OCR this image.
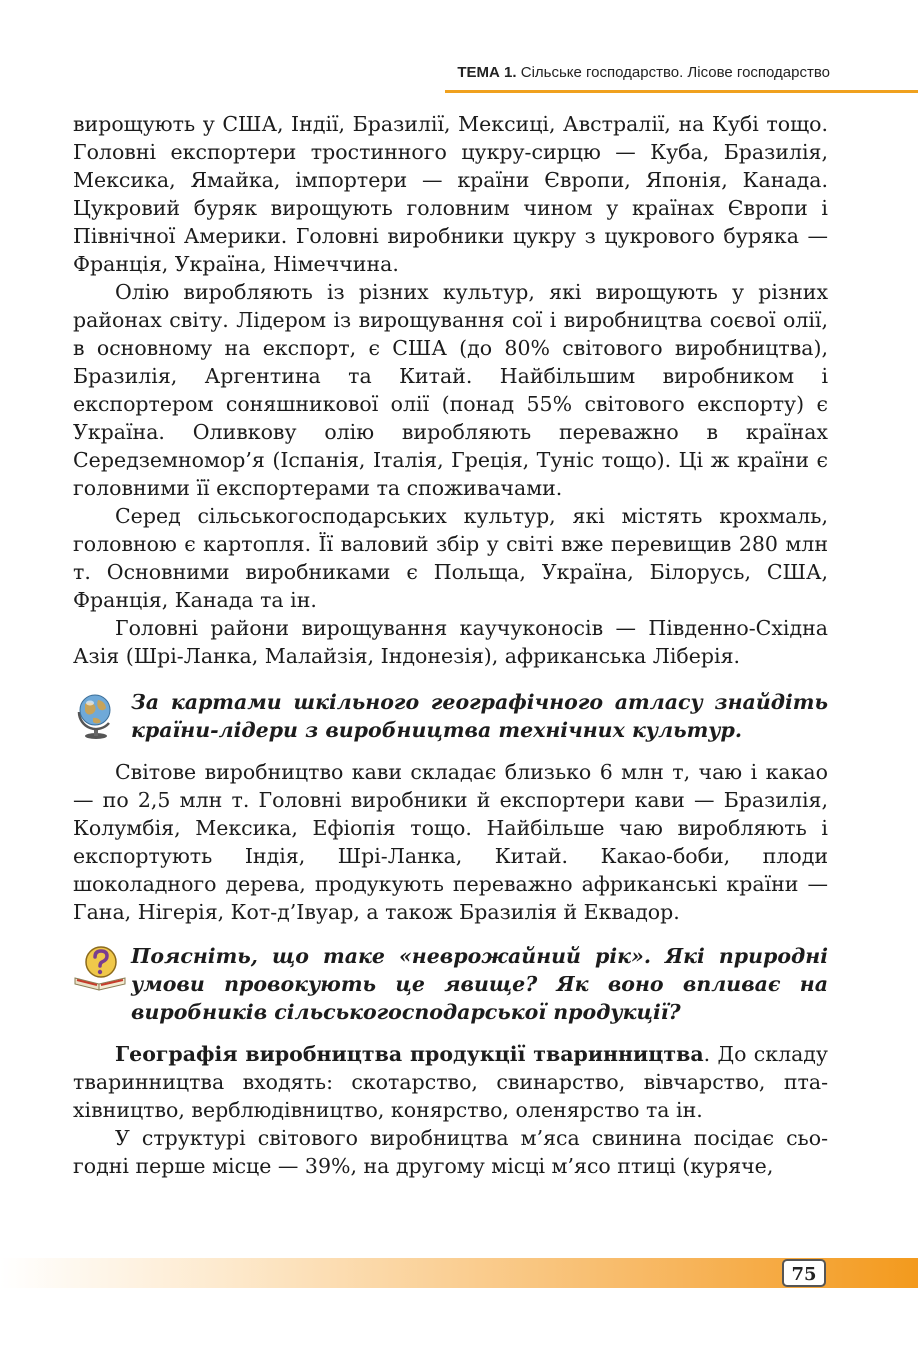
ТЕМА 1. Сільське господарство. Лісове господарство

вирощують у США, Індії, Бразилії, Мексиці, Австралії, на Кубі тощо. Головні експортери тростинного цукру-сирцю — Куба, Бразилія, Мексика, Ямайка, імпортери — країни Європи, Японія, Канада. Цукровий буряк вирощують головним чином у країнах Європи і Північної Америки. Головні виробники цукру з цукрового буряка — Франція, Україна, Німеччина.

Олію виробляють із різних культур, які вирощують у різних районах світу. Лідером із вирощування сої і виробництва соєвої олії, в основному на експорт, є США (до 80% світового виробництва), Бразилія, Аргентина та Китай. Найбільшим виробником і експортером соняшникової олії (понад 55% світового експорту) є Україна. Оливкову олію виробляють переважно в країнах Середземномор’я (Іспанія, Італія, Греція, Туніс тощо). Ці ж країни є головними її експортерами та споживачами.

Серед сільськогосподарських культур, які містять крохмаль, головною є картопля. Її валовий збір у світі вже перевищив 280 млн т. Основними виробниками є Польща, Україна, Білорусь, США, Франція, Канада та ін.

Головні райони вирощування каучуконосів — Південно-Східна Азія (Шрі-Ланка, Малайзія, Індонезія), африканська Ліберія.

За картами шкільного географічного атласу знайдіть країни-лідери з виробництва технічних культур.

Світове виробництво кави складає близько 6 млн т, чаю і какао — по 2,5 млн т. Головні виробники й експортери кави — Бразилія, Колумбія, Мексика, Ефіопія тощо. Найбільше чаю виробляють і експортують Індія, Шрі-Ланка, Китай. Какао-боби, плоди шоколадного дерева, продукують переважно африканські країни — Гана, Нігерія, Кот-д’Івуар, а також Бразилія й Еквадор.

Поясніть, що таке «неврожайний рік». Які природні умови провокують це явище? Як воно впливає на виробників сільськогосподарської продукції?

Географія виробництва продукції тваринництва. До складу тваринництва входять: скотарство, свинарство, вівчарство, птахівництво, верблюдівництво, конярство, оленярство та ін.

У структурі світового виробництва м’яса свинина посідає сьогодні перше місце — 39%, на другому місці м’ясо птиці (куряче,

75
